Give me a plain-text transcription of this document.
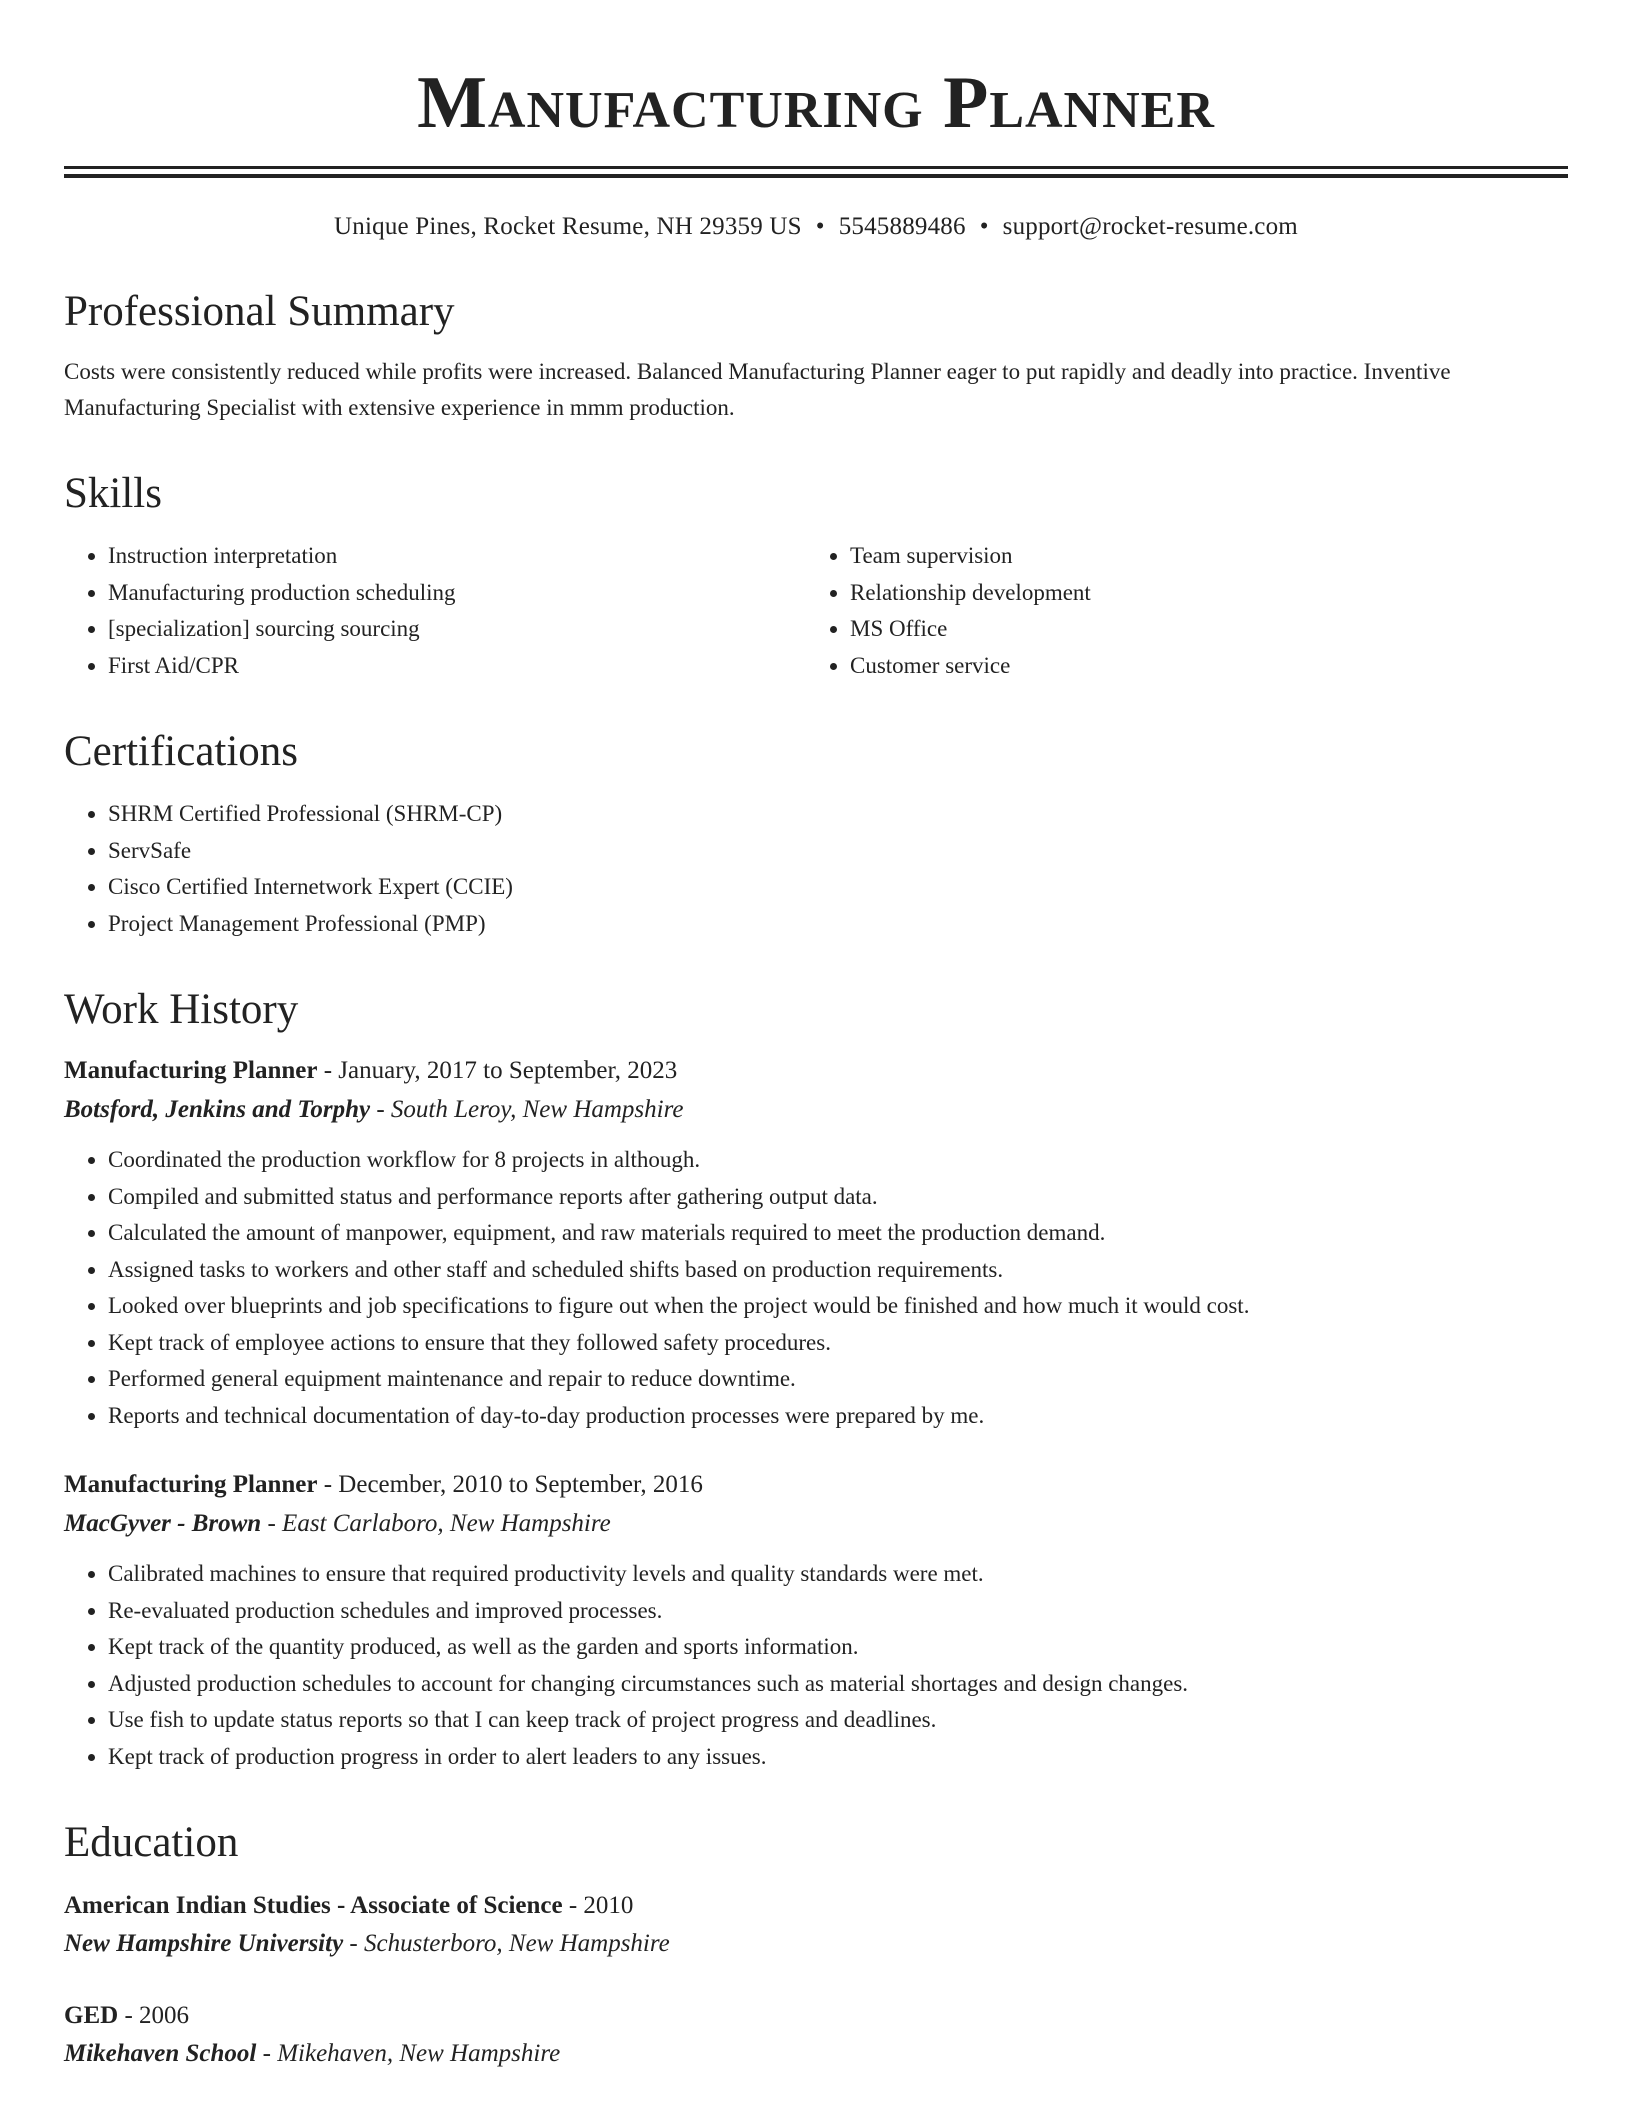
Manufacturing Planner
Unique Pines, Rocket Resume, NH 29359 US • 5545889486 • support@rocket-resume.com
Professional Summary

Costs were consistently reduced while profits were increased. Balanced Manufacturing Planner eager to put rapidly and deadly into practice. Inventive Manufacturing Specialist with extensive experience in mmm production.

Skills
• Instruction interpretation
• Manufacturing production scheduling
• [specialization] sourcing sourcing
• First Aid/CPR
• Team supervision
• Relationship development
• MS Office
• Customer service
Certifications
• SHRM Certified Professional (SHRM-CP)
• ServSafe
• Cisco Certified Internetwork Expert (CCIE)
• Project Management Professional (PMP)
Work History
Manufacturing Planner - January, 2017 to September, 2023
Botsford, Jenkins and Torphy - South Leroy, New Hampshire
• Coordinated the production workflow for 8 projects in although.
• Compiled and submitted status and performance reports after gathering output data.
• Calculated the amount of manpower, equipment, and raw materials required to meet the production demand.
• Assigned tasks to workers and other staff and scheduled shifts based on production requirements.
• Looked over blueprints and job specifications to figure out when the project would be finished and how much it would cost.
• Kept track of employee actions to ensure that they followed safety procedures.
• Performed general equipment maintenance and repair to reduce downtime.
• Reports and technical documentation of day-to-day production processes were prepared by me.
Manufacturing Planner - December, 2010 to September, 2016
MacGyver - Brown - East Carlaboro, New Hampshire
• Calibrated machines to ensure that required productivity levels and quality standards were met.
• Re-evaluated production schedules and improved processes.
• Kept track of the quantity produced, as well as the garden and sports information.
• Adjusted production schedules to account for changing circumstances such as material shortages and design changes.
• Use fish to update status reports so that I can keep track of project progress and deadlines.
• Kept track of production progress in order to alert leaders to any issues.
Education
American Indian Studies - Associate of Science - 2010
New Hampshire University - Schusterboro, New Hampshire
GED - 2006
Mikehaven School - Mikehaven, New Hampshire
